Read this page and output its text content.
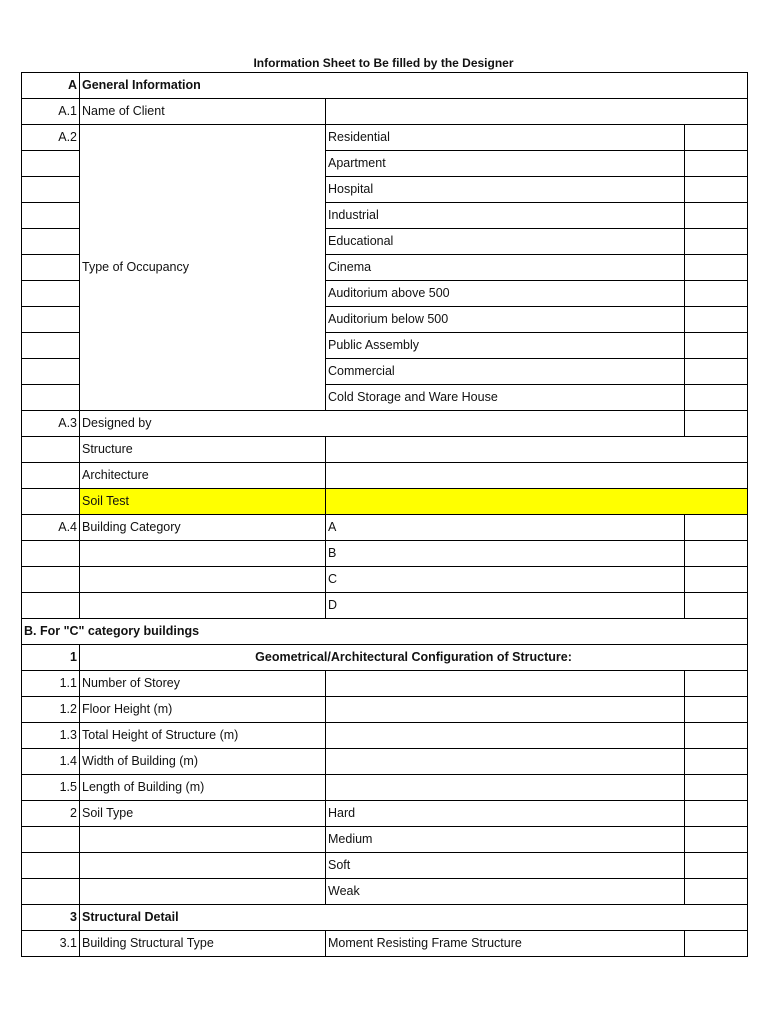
Information Sheet to Be filled by the Designer
A	General Information		
A.1	Name of Client		
A.2	Type of Occupancy	Residential	
		Apartment	
		Hospital	
		Industrial	
		Educational	
		Cinema	
		Auditorium above 500	
		Auditorium below 500	
		Public Assembly	
		Commercial	
		Cold Storage and Ware House	
A.3	Designed by		
	Structure		
	Architecture		
	Soil Test		
A.4	Building Category	A	
		B	
		C	
		D	
B. For "C" category buildings			
1	Geometrical/Architectural Configuration of Structure:		
1.1	Number of Storey		
1.2	Floor Height (m)		
1.3	Total Height of Structure (m)		
1.4	Width of Building (m)		
1.5	Length of Building (m)		
2	Soil Type	Hard	
		Medium	
		Soft	
		Weak	
3	Structural Detail		
3.1	Building Structural Type	Moment Resisting Frame Structure	
